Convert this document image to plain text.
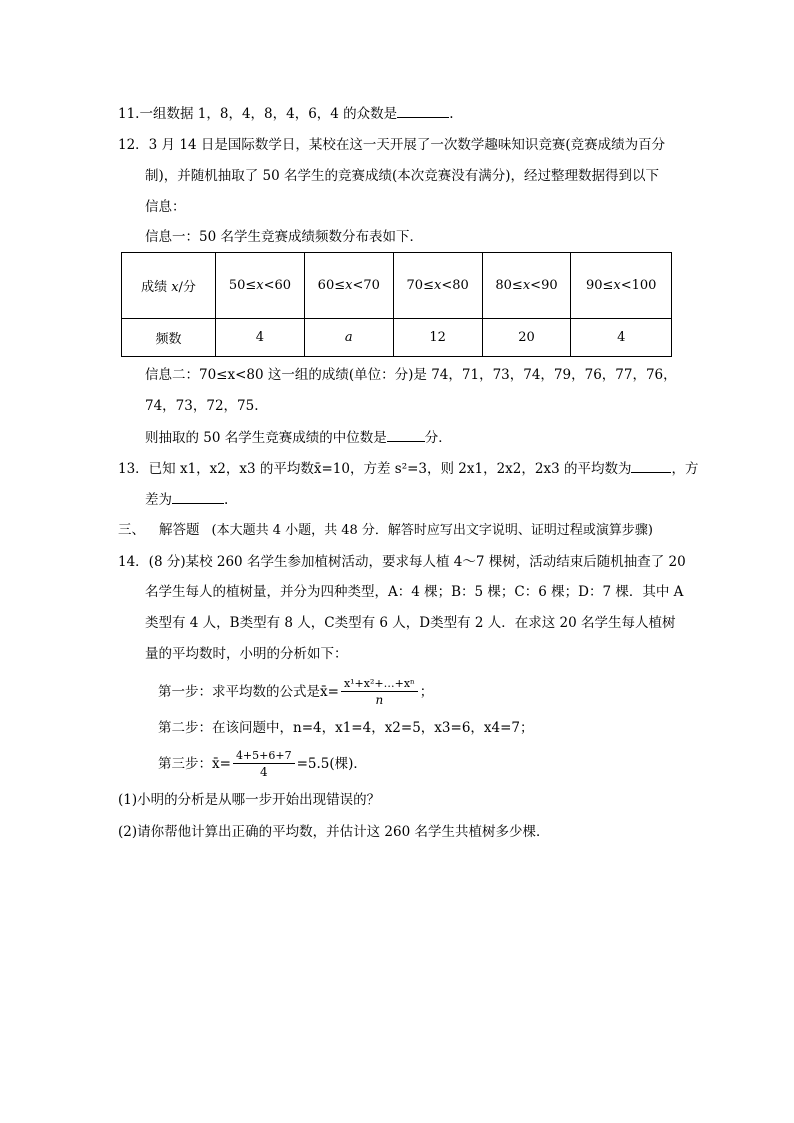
11.一组数据 1，8，4，8，4，6，4 的众数是	.
12．3 月 14 日是国际数学日，某校在这一天开展了一次数学趣味知识竞赛(竞赛成绩为百分
制)，并随机抽取了 50 名学生的竞赛成绩(本次竞赛没有满分)，经过整理数据得到以下
信息：
信息一：50 名学生竞赛成绩频数分布表如下．
成绩 x/分	50≤x<60	60≤x<70	70≤x<80	80≤x<90	90≤x<100
频数	4	a	12	20	4
信息二：70≤x<80 这一组的成绩(单位：分)是 74，71，73，74，79，76，77，76，
74，73，72，75.
则抽取的 50 名学生竞赛成绩的中位数是	分．
13．已知 x1，x2，x3 的平均数x̄=10，方差 s²=3，则 2x1，2x2，2x3 的平均数为	，方
差为	.
三、 解答题 (本大题共 4 小题，共 48 分．解答时应写出文字说明、证明过程或演算步骤)
14．(8 分)某校 260 名学生参加植树活动，要求每人植 4～7 棵树，活动结束后随机抽查了 20
名学生每人的植树量，并分为四种类型，A：4 棵；B：5 棵；C：6 棵；D：7 棵．其中 A
类型有 4 人，B类型有 8 人，C类型有 6 人，D类型有 2 人．在求这 20 名学生每人植树
量的平均数时，小明的分析如下：
第一步：求平均数的公式是x̄= $\frac{\text{x¹+x²+…+xⁿ}}{n}$ ；
第二步：在该问题中，n=4，x1=4，x2=5，x3=6，x4=7；
第三步：x̄= $\frac{4+5+6+7}{4} =5.5$(棵)．
(1)小明的分析是从哪一步开始出现错误的？
(2)请你帮他计算出正确的平均数，并估计这 260 名学生共植树多少棵．
